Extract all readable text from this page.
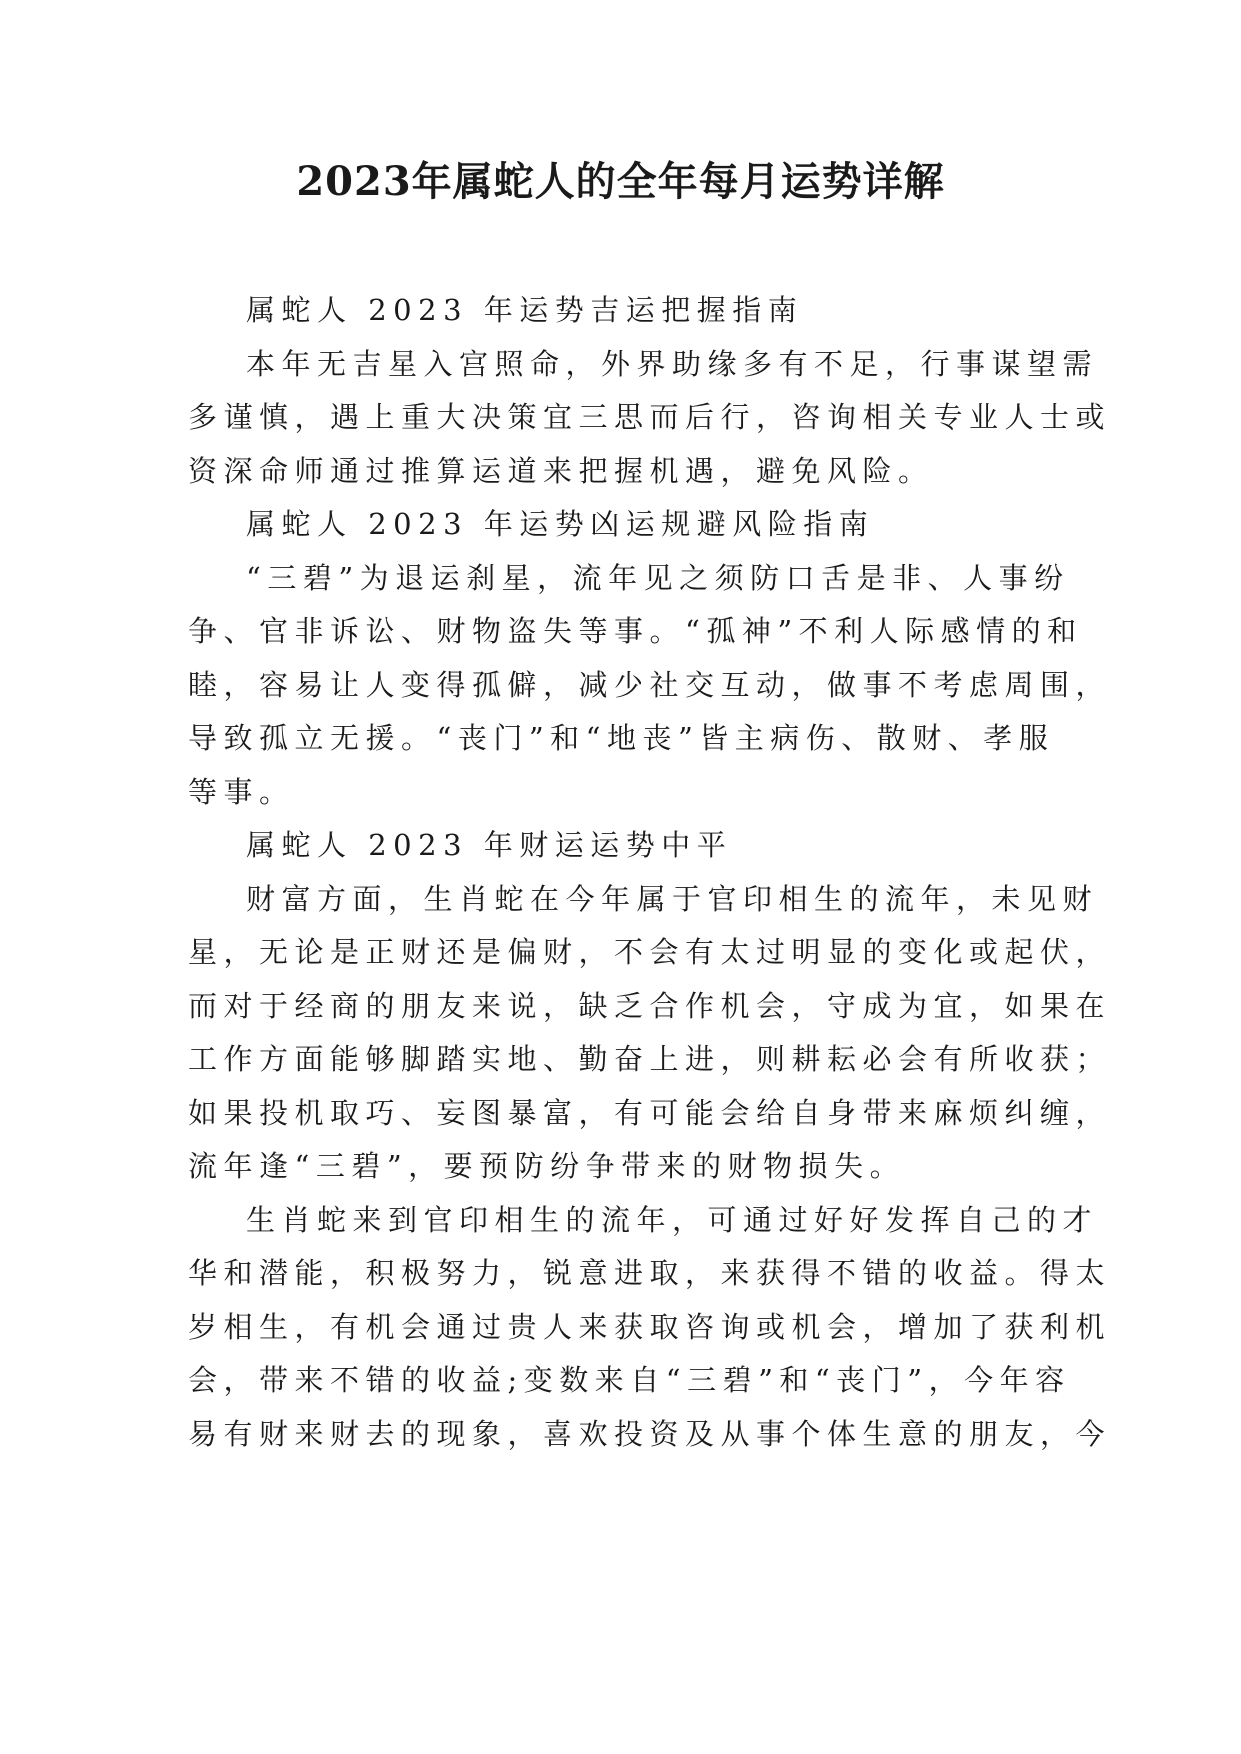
2023年属蛇人的全年每月运势详解

属蛇人 2023 年运势吉运把握指南

本年无吉星入宫照命，外界助缘多有不足，行事谋望需
多谨慎，遇上重大决策宜三思而后行，咨询相关专业人士或
资深命师通过推算运道来把握机遇，避免风险。

属蛇人 2023 年运势凶运规避风险指南

“三碧”为退运刹星，流年见之须防口舌是非、人事纷
争、官非诉讼、财物盗失等事。“孤神”不利人际感情的和
睦，容易让人变得孤僻，减少社交互动，做事不考虑周围，
导致孤立无援。“丧门”和“地丧”皆主病伤、散财、孝服
等事。

属蛇人 2023 年财运运势中平

财富方面，生肖蛇在今年属于官印相生的流年，未见财
星，无论是正财还是偏财，不会有太过明显的变化或起伏，
而对于经商的朋友来说，缺乏合作机会，守成为宜，如果在
工作方面能够脚踏实地、勤奋上进，则耕耘必会有所收获；
如果投机取巧、妄图暴富，有可能会给自身带来麻烦纠缠，
流年逢“三碧”，要预防纷争带来的财物损失。

生肖蛇来到官印相生的流年，可通过好好发挥自己的才
华和潜能，积极努力，锐意进取，来获得不错的收益。得太
岁相生，有机会通过贵人来获取咨询或机会，增加了获利机
会，带来不错的收益;变数来自“三碧”和“丧门”，今年容
易有财来财去的现象，喜欢投资及从事个体生意的朋友，今
